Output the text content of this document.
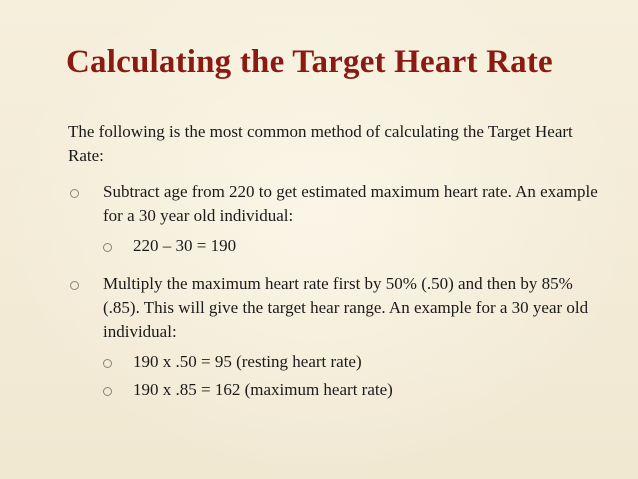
Calculating the Target Heart Rate

The following is the most common method of calculating the Target Heart Rate:

Subtract age from 220 to get estimated maximum heart rate. An example for a 30 year old individual:
220 – 30 = 190
Multiply the maximum heart rate first by 50% (.50) and then by 85% (.85). This will give the target hear range. An example for a 30 year old individual:
190 x .50 = 95 (resting heart rate)
190 x .85 = 162 (maximum heart rate)
